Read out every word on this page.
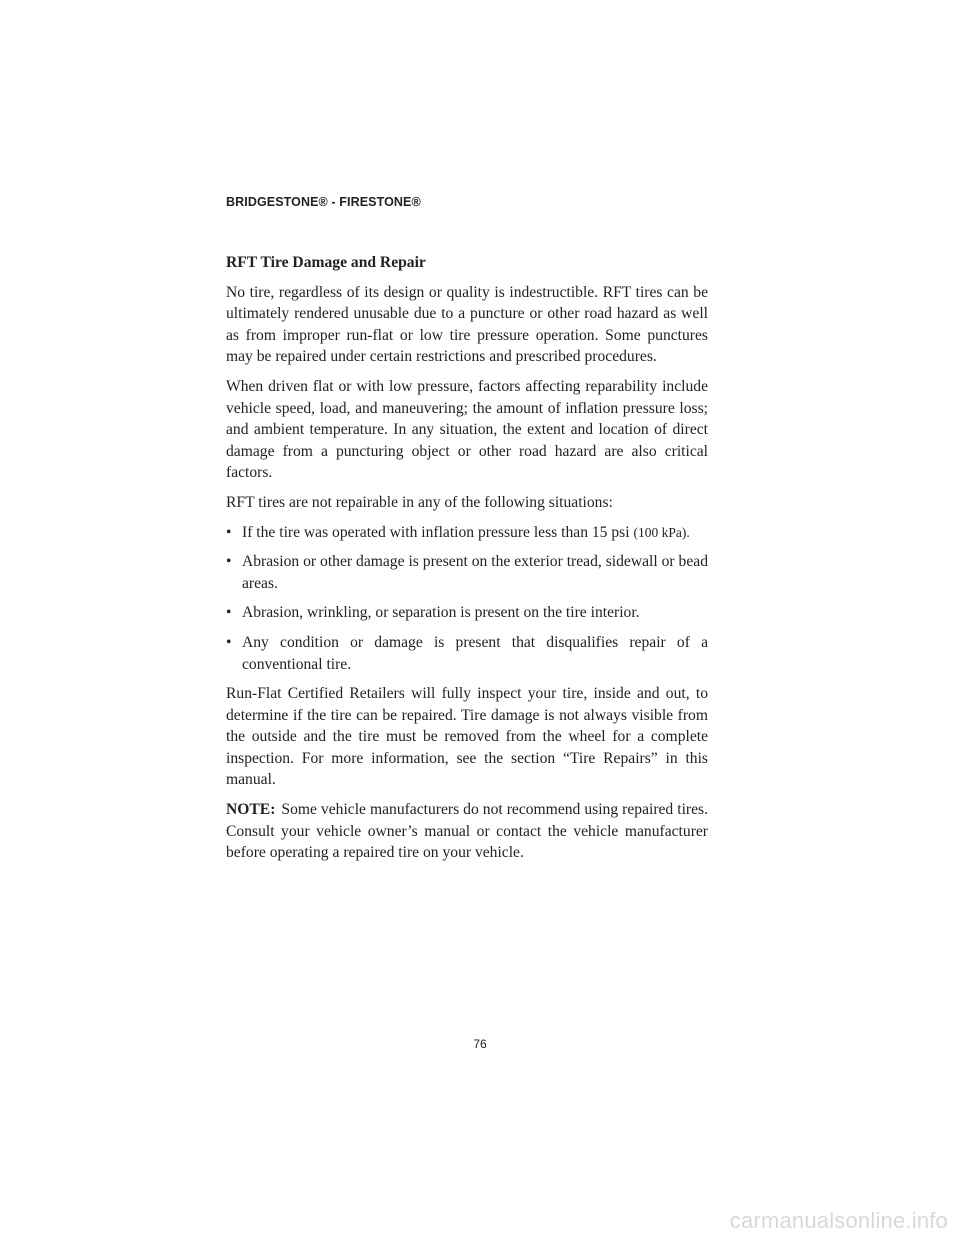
BRIDGESTONE® - FIRESTONE®
RFT Tire Damage and Repair

No tire, regardless of its design or quality is indestructible. RFT tires can be ultimately rendered unusable due to a puncture or other road hazard as well as from improper run-flat or low tire pressure operation. Some punctures may be repaired under certain restrictions and prescribed procedures.

When driven flat or with low pressure, factors affecting reparability include vehicle speed, load, and maneuvering; the amount of inflation pressure loss; and ambient temperature. In any situation, the extent and location of direct damage from a puncturing object or other road hazard are also critical factors.

RFT tires are not repairable in any of the following situations:

• If the tire was operated with inflation pressure less than 15 psi (100 kPa).
• Abrasion or other damage is present on the exterior tread, sidewall or bead areas.
• Abrasion, wrinkling, or separation is present on the tire interior.
• Any condition or damage is present that disqualifies repair of a conventional tire.

Run-Flat Certified Retailers will fully inspect your tire, inside and out, to determine if the tire can be repaired. Tire damage is not always visible from the outside and the tire must be removed from the wheel for a complete inspection. For more information, see the section “Tire Repairs” in this manual.

NOTE: Some vehicle manufacturers do not recommend using repaired tires. Consult your vehicle owner’s manual or contact the vehicle manufacturer before operating a repaired tire on your vehicle.

76
carmanualsonline.info
